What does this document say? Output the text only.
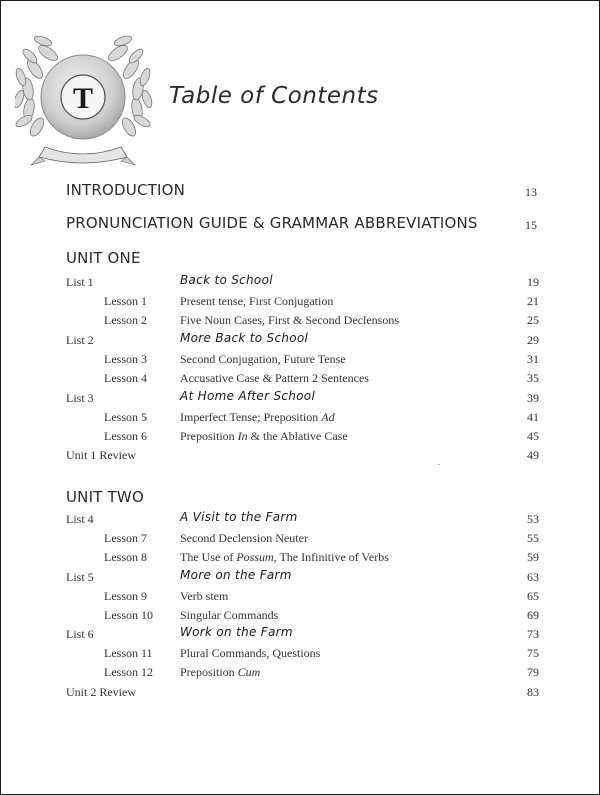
T	Table of Contents
INTRODUCTION	13
PRONUNCIATION GUIDE & GRAMMAR ABBREVIATIONS	15
UNIT ONE
List 1	Back to School	19
Lesson 1	Present tense, First Conjugation	21
Lesson 2	Five Noun Cases, First & Second Declensons	25
List 2	More Back to School	29
Lesson 3	Second Conjugation, Future Tense	31
Lesson 4	Accusative Case & Pattern 2 Sentences	35
List 3	At Home After School	39
Lesson 5	Imperfect Tense; Preposition Ad	41
Lesson 6	Preposition In & the Ablative Case	45
Unit 1 Review	49
UNIT TWO
List 4	A Visit to the Farm	53
Lesson 7	Second Declension Neuter	55
Lesson 8	The Use of Possum, The Infinitive of Verbs	59
List 5	More on the Farm	63
Lesson 9	Verb stem	65
Lesson 10 Singular Commands	69
List 6	Work on the Farm	73
Lesson 11 Plural Commands, Questions	75
Lesson 12 Preposition Cum	79
Unit 2 Review	83
